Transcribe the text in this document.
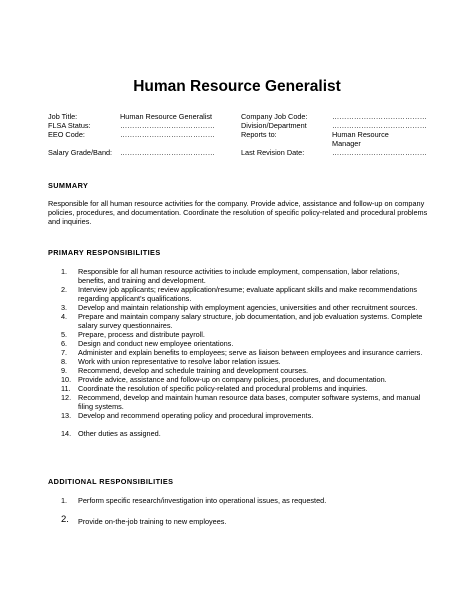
Human Resource Generalist
Job Title:	Human Resource Generalist	Company Job Code:	…………………………………
FLSA Status:	…………………………………	Division/Department	…………………………………
EEO Code:	…………………………………	Reports to:	Human Resource Manager
Salary Grade/Band: …………………………………	Last Revision Date:	…………………………………
SUMMARY
Responsible for all human resource activities for the company. Provide advice, assistance and follow-up on company policies, procedures, and documentation. Coordinate the resolution of specific policy-related and procedural problems and inquiries.
PRIMARY RESPONSIBILITIES
1. Responsible for all human resource activities to include employment, compensation, labor relations, benefits, and training and development.
2. Interview job applicants; review application/resume; evaluate applicant skills and make recommendations regarding applicant's qualifications.
3. Develop and maintain relationship with employment agencies, universities and other recruitment sources.
4. Prepare and maintain company salary structure, job documentation, and job evaluation systems. Complete salary survey questionnaires.
5. Prepare, process and distribute payroll.
6. Design and conduct new employee orientations.
7. Administer and explain benefits to employees; serve as liaison between employees and insurance carriers.
8. Work with union representative to resolve labor relation issues.
9. Recommend, develop and schedule training and development courses.
10. Provide advice, assistance and follow-up on company policies, procedures, and documentation.
11. Coordinate the resolution of specific policy-related and procedural problems and inquiries.
12. Recommend, develop and maintain human resource data bases, computer software systems, and manual filing systems.
13. Develop and recommend operating policy and procedural improvements.
14. Other duties as assigned.
ADDITIONAL RESPONSIBILITIES
1. Perform specific research/investigation into operational issues, as requested.
2. Provide on-the-job training to new employees.
